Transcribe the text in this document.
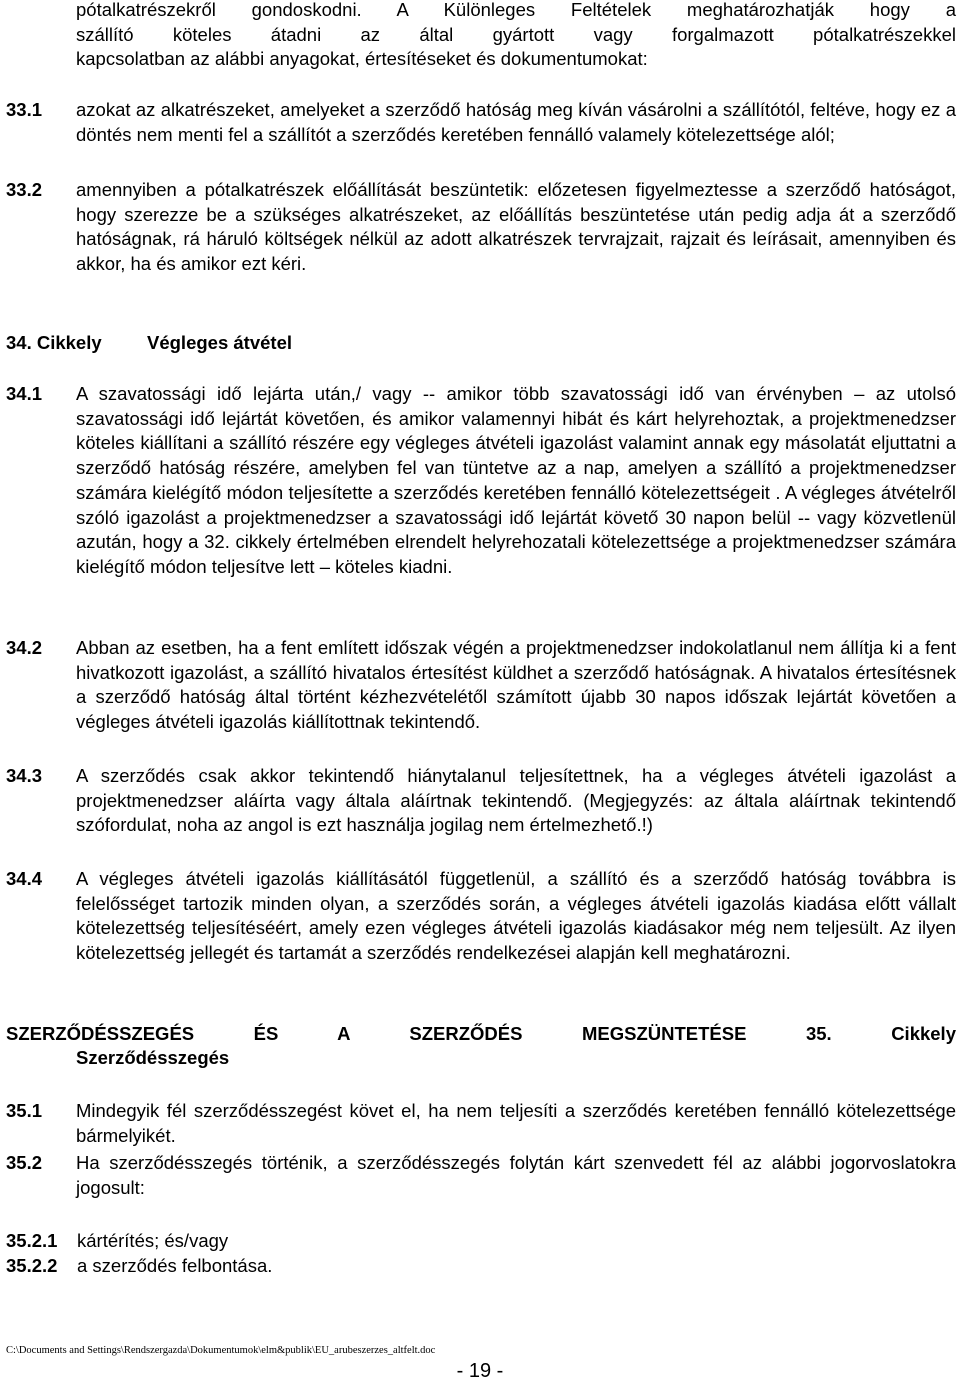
pótalkatrészekről gondoskodni. A Különleges Feltételek meghatározhatják hogy a

szállító köteles átadni az által gyártott vagy forgalmazott pótalkatrészekkel

kapcsolatban az alábbi anyagokat, értesítéseket és dokumentumokat:

33.1 azokat az alkatrészeket, amelyeket a szerződő hatóság meg kíván vásárolni a szállítótól, feltéve, hogy ez a döntés nem menti fel a szállítót a szerződés keretében fennálló valamely kötelezettsége alól;

33.2 amennyiben a pótalkatrészek előállítását beszüntetik: előzetesen figyelmeztesse a szerződő hatóságot, hogy szerezze be a szükséges alkatrészeket, az előállítás beszüntetése után pedig adja át a szerződő hatóságnak, rá háruló költségek nélkül az adott alkatrészek tervrajzait, rajzait és leírásait, amennyiben és akkor, ha és amikor ezt kéri.

34. Cikkely Végleges átvétel
34.1 A szavatossági idő lejárta után,/ vagy -- amikor több szavatossági idő van érvényben – az utolsó szavatossági idő lejártát követően, és amikor valamennyi hibát és kárt helyrehoztak, a projektmenedzser köteles kiállítani a szállító részére egy végleges átvételi igazolást valamint annak egy másolatát eljuttatni a szerződő hatóság részére, amelyben fel van tüntetve az a nap, amelyen a szállító a projektmenedzser számára kielégítő módon teljesítette a szerződés keretében fennálló kötelezettségeit . A végleges átvételről szóló igazolást a projektmenedzser a szavatossági idő lejártát követő 30 napon belül -- vagy közvetlenül azután, hogy a 32. cikkely értelmében elrendelt helyrehozatali kötelezettsége a projektmenedzser számára kielégítő módon teljesítve lett – köteles kiadni.

34.2 Abban az esetben, ha a fent említett időszak végén a projektmenedzser indokolatlanul nem állítja ki a fent hivatkozott igazolást, a szállító hivatalos értesítést küldhet a szerződő hatóságnak. A hivatalos értesítésnek a szerződő hatóság által történt kézhezvételétől számított újabb 30 napos időszak lejártát követően a végleges átvételi igazolás kiállítottnak tekintendő.

34.3 A szerződés csak akkor tekintendő hiánytalanul teljesítettnek, ha a végleges átvételi igazolást a projektmenedzser aláírta vagy általa aláírtnak tekintendő. (Megjegyzés: az általa aláírtnak tekintendő szófordulat, noha az angol is ezt használja jogilag nem értelmezhető.!)

34.4 A végleges átvételi igazolás kiállításától függetlenül, a szállító és a szerződő hatóság továbbra is felelősséget tartozik minden olyan, a szerződés során, a végleges átvételi igazolás kiadása előtt vállalt kötelezettség teljesítéséért, amely ezen végleges átvételi igazolás kiadásakor még nem teljesült. Az ilyen kötelezettség jellegét és tartamát a szerződés rendelkezései alapján kell meghatározni.

SZERZŐDÉSSZEGÉS ÉS A SZERZŐDÉS MEGSZÜNTETÉSE 35. Cikkely

Szerződésszegés

35.1 Mindegyik fél szerződésszegést követ el, ha nem teljesíti a szerződés keretében fennálló kötelezettsége bármelyikét.

35.2 Ha szerződésszegés történik, a szerződésszegés folytán kárt szenvedett fél az alábbi jogorvoslatokra jogosult:

35.2.1 kártérítés; és/vagy

35.2.2 a szerződés felbontása.

C:\Documents and Settings\Rendszergazda\Dokumentumok\elm&publik\EU_arubeszerzes_altfelt.doc
- 19 -
